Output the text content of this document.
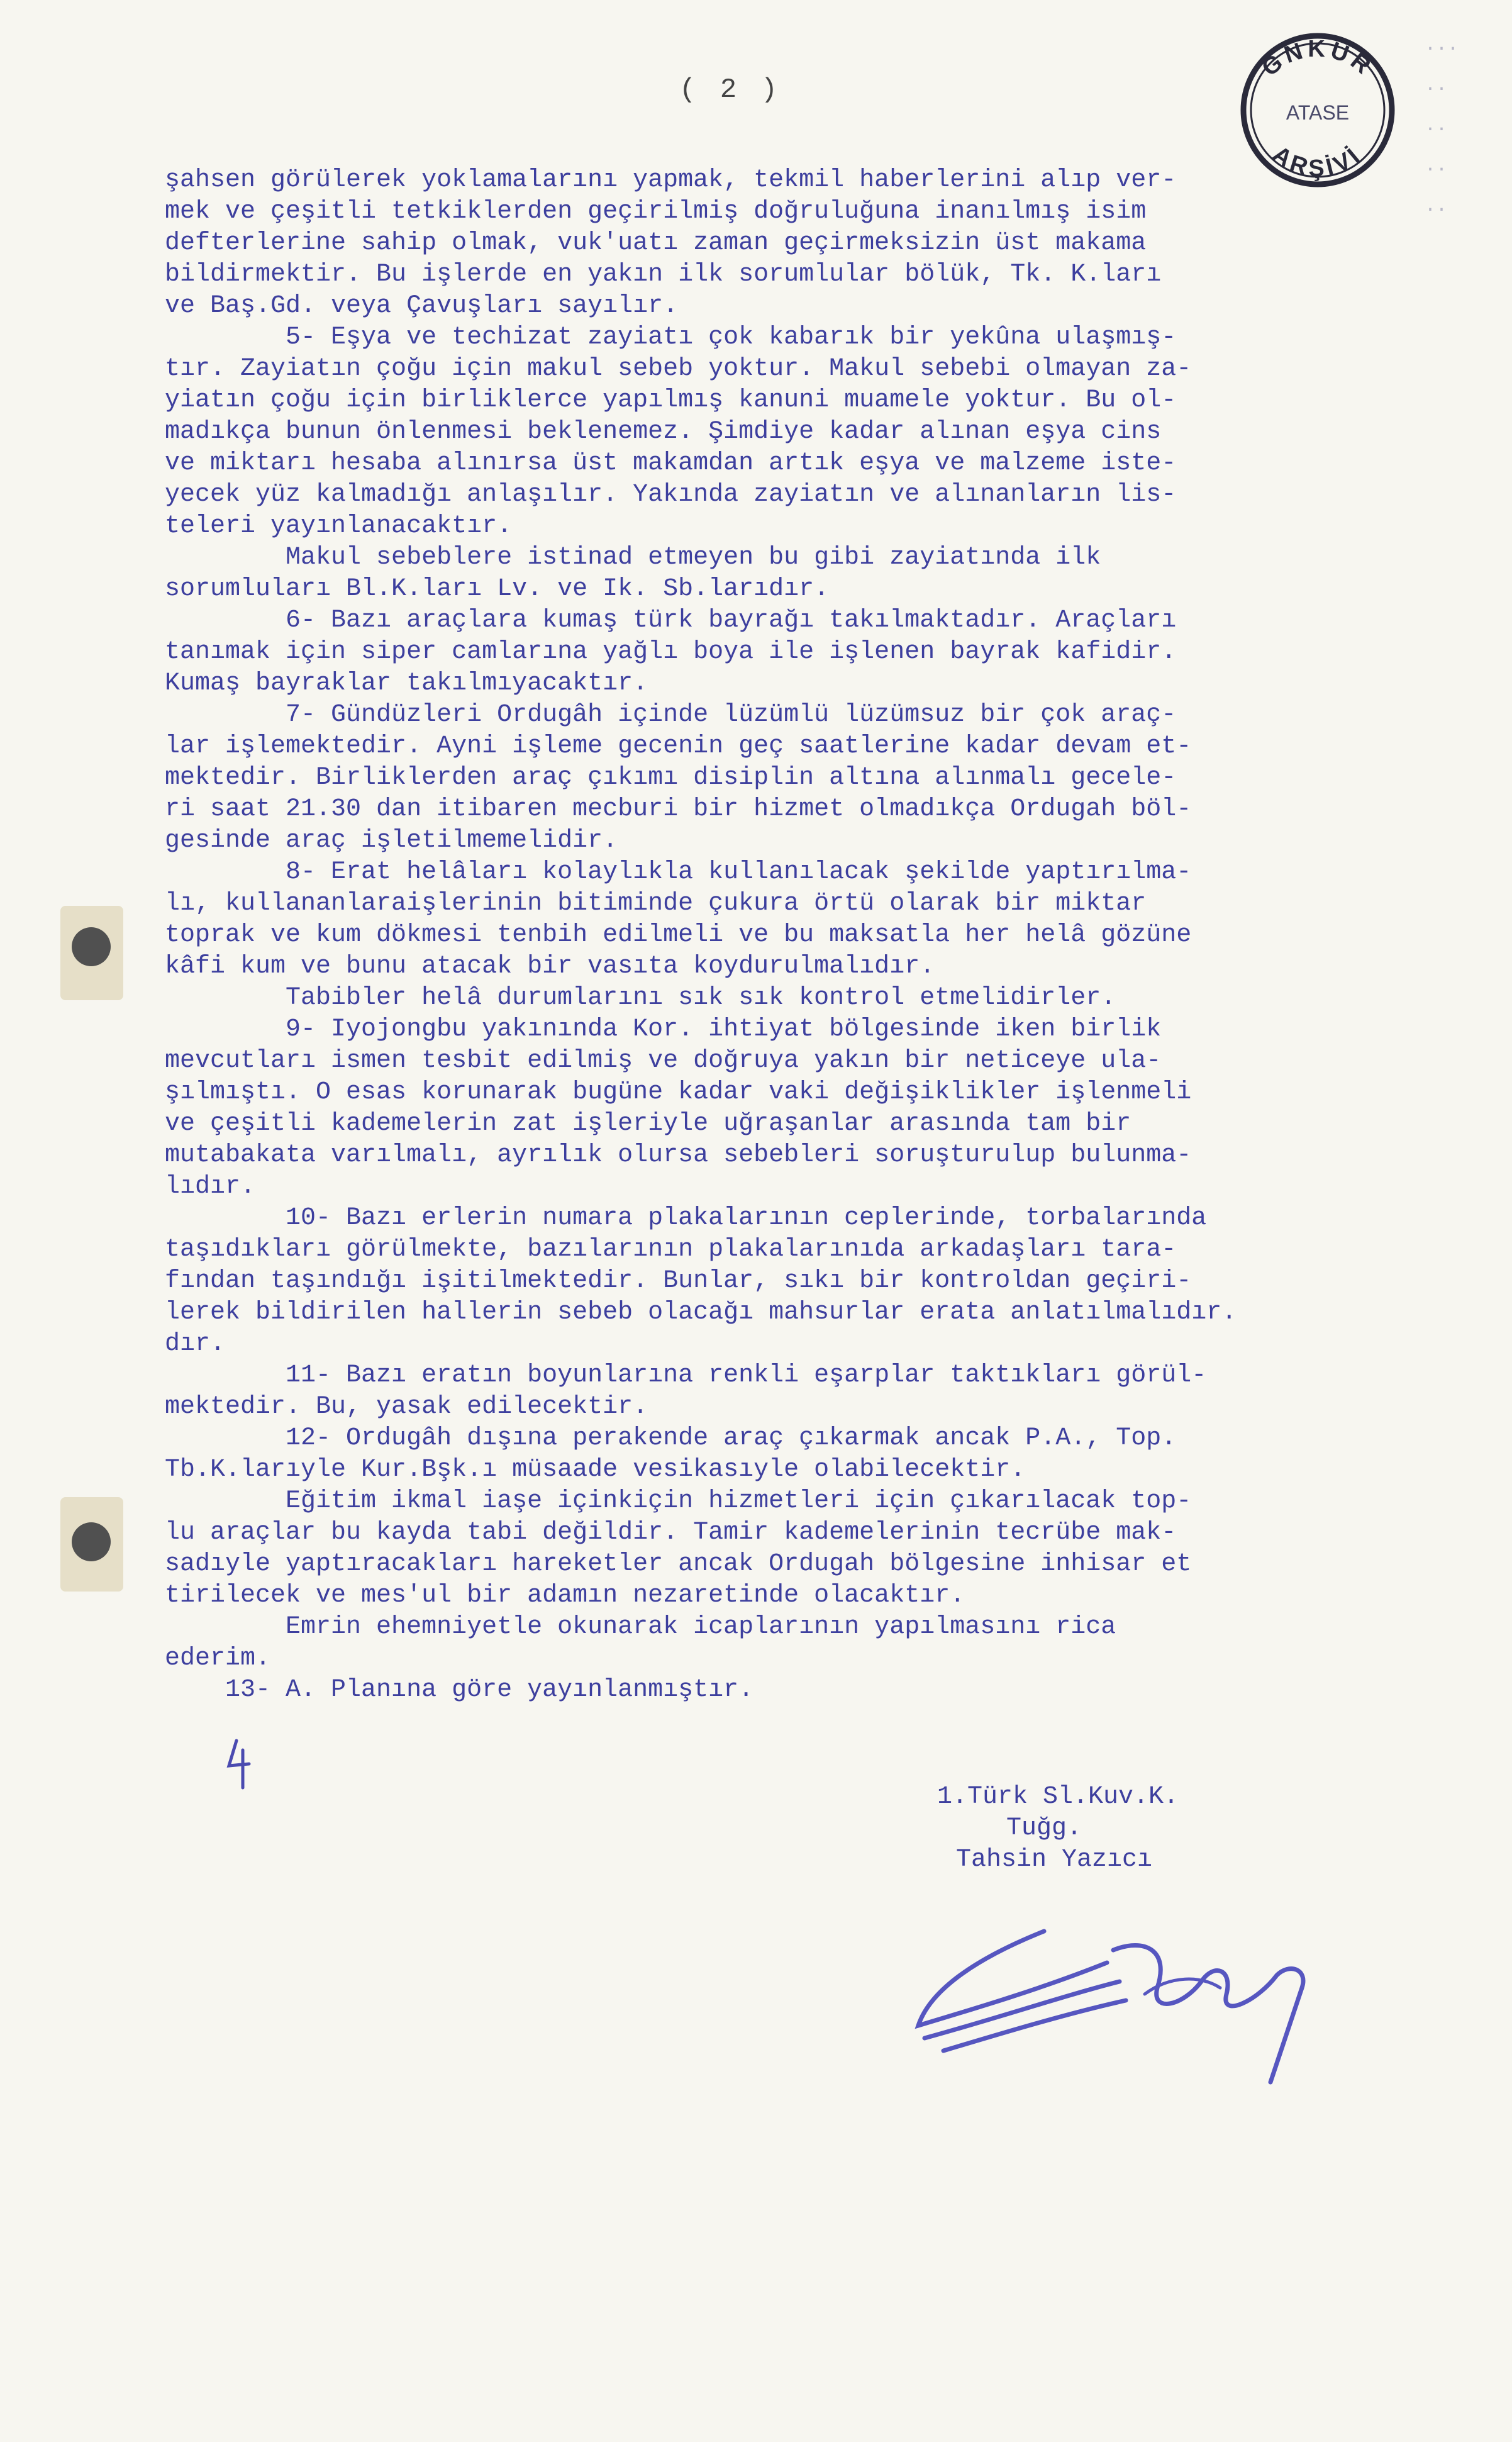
( 2 )
GNKUR
ATASE
ARŞİVİ
...
..
..
..
..
şahsen görülerek yoklamalarını yapmak, tekmil haberlerini alıp ver-
mek ve çeşitli tetkiklerden geçirilmiş doğruluğuna inanılmış isim
defterlerine sahip olmak, vuk'uatı zaman geçirmeksizin üst makama
bildirmektir. Bu işlerde en yakın ilk sorumlular bölük, Tk. K.ları
ve Baş.Gd. veya Çavuşları sayılır.
5- Eşya ve techizat zayiatı çok kabarık bir yekûna ulaşmış-
tır. Zayiatın çoğu için makul sebeb yoktur. Makul sebebi olmayan za-
yiatın çoğu için birliklerce yapılmış kanuni muamele yoktur. Bu ol-
madıkça bunun önlenmesi beklenemez. Şimdiye kadar alınan eşya cins
ve miktarı hesaba alınırsa üst makamdan artık eşya ve malzeme iste-
yecek yüz kalmadığı anlaşılır. Yakında zayiatın ve alınanların lis-
teleri yayınlanacaktır.
Makul sebeblere istinad etmeyen bu gibi zayiatında ilk
sorumluları Bl.K.ları Lv. ve Ik. Sb.larıdır.
6- Bazı araçlara kumaş türk bayrağı takılmaktadır. Araçları
tanımak için siper camlarına yağlı boya ile işlenen bayrak kafidir.
Kumaş bayraklar takılmıyacaktır.
7- Gündüzleri Ordugâh içinde lüzümlü lüzümsuz bir çok araç-
lar işlemektedir. Ayni işleme gecenin geç saatlerine kadar devam et-
mektedir. Birliklerden araç çıkımı disiplin altına alınmalı gecele-
ri saat 21.30 dan itibaren mecburi bir hizmet olmadıkça Ordugah böl-
gesinde araç işletilmemelidir.
8- Erat helâları kolaylıkla kullanılacak şekilde yaptırılma-
lı, kullananlaraişlerinin bitiminde çukura örtü olarak bir miktar
toprak ve kum dökmesi tenbih edilmeli ve bu maksatla her helâ gözüne
kâfi kum ve bunu atacak bir vasıta koydurulmalıdır.
Tabibler helâ durumlarını sık sık kontrol etmelidirler.
9- Iyojongbu yakınında Kor. ihtiyat bölgesinde iken birlik
mevcutları ismen tesbit edilmiş ve doğruya yakın bir neticeye ula-
şılmıştı. O esas korunarak bugüne kadar vaki değişiklikler işlenmeli
ve çeşitli kademelerin zat işleriyle uğraşanlar arasında tam bir
mutabakata varılmalı, ayrılık olursa sebebleri soruşturulup bulunma-
lıdır.
10- Bazı erlerin numara plakalarının ceplerinde, torbalarında
taşıdıkları görülmekte, bazılarının plakalarınıda arkadaşları tara-
fından taşındığı işitilmektedir. Bunlar, sıkı bir kontroldan geçiri-
lerek bildirilen hallerin sebeb olacağı mahsurlar erata anlatılmalıdır.
dır.
11- Bazı eratın boyunlarına renkli eşarplar taktıkları görül-
mektedir. Bu, yasak edilecektir.
12- Ordugâh dışına perakende araç çıkarmak ancak P.A., Top.
Tb.K.larıyle Kur.Bşk.ı müsaade vesikasıyle olabilecektir.
Eğitim ikmal iaşe içinkiçin hizmetleri için çıkarılacak top-
lu araçlar bu kayda tabi değildir. Tamir kademelerinin tecrübe mak-
sadıyle yaptıracakları hareketler ancak Ordugah bölgesine inhisar et
tirilecek ve mes'ul bir adamın nezaretinde olacaktır.
Emrin ehemniyetle okunarak icaplarının yapılmasını rica
ederim.
13- A. Planına göre yayınlanmıştır.
1.Türk Sl.Kuv.K.
Tuğg.
Tahsin Yazıcı
